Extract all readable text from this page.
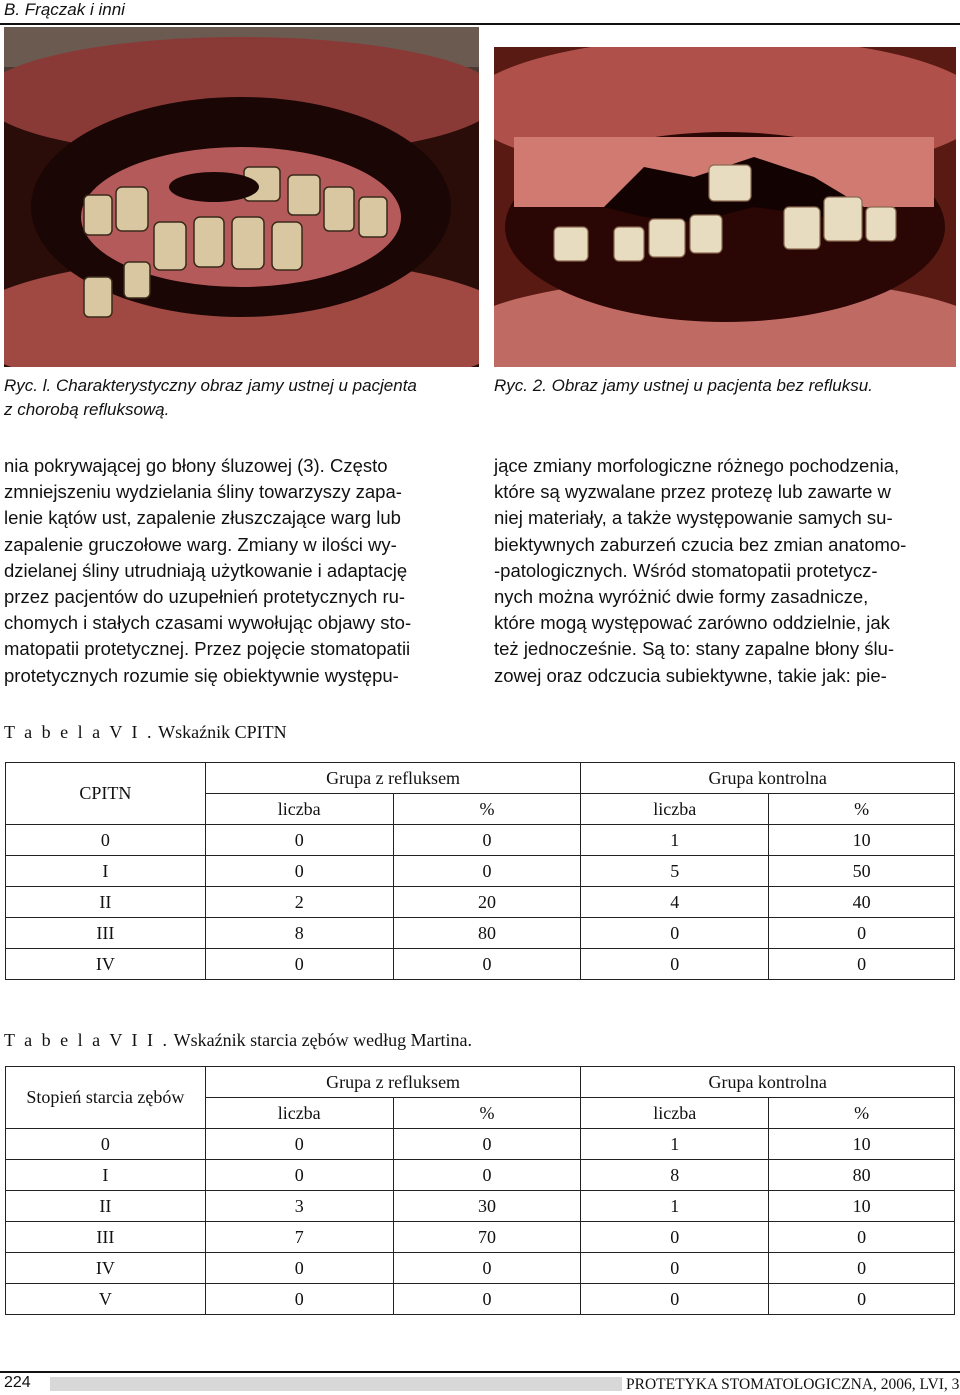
B. Frączak i inni
Ryc. l. Charakterystyczny obraz jamy ustnej u pacjenta
z chorobą refluksową.
Ryc. 2. Obraz jamy ustnej u pacjenta bez refluksu.
nia pokrywającej go błony śluzowej (3). Często
zmniejszeniu wydzielania śliny towarzyszy zapa-
lenie kątów ust, zapalenie złuszczające warg lub
zapalenie gruczołowe warg. Zmiany w ilości wy-
dzielanej śliny utrudniają użytkowanie i adaptację
przez pacjentów do uzupełnień protetycznych ru-
chomych i stałych czasami wywołując objawy sto-
matopatii protetycznej. Przez pojęcie stomatopatii
protetycznych rozumie się obiektywnie występu-
jące zmiany morfologiczne różnego pochodzenia,
które są wyzwalane przez protezę lub zawarte w
niej materiały, a także występowanie samych su-
biektywnych zaburzeń czucia bez zmian anatomo-
-patologicznych. Wśród stomatopatii protetycz-
nych można wyróżnić dwie formy zasadnicze,
które mogą występować zarówno oddzielnie, jak
też jednocześnie. Są to: stany zapalne błony ślu-
zowej oraz odczucia subiektywne, takie jak: pie-
T a b e l a V I . Wskaźnik CPITN
CPITN	Grupa z refluksem		Grupa kontrolna	
	liczba	%	liczba	%
0	0	0	1	10
I	0	0	5	50
II	2	20	4	40
III	8	80	0	0
IV	0	0	0	0
T a b e l a V I I . Wskaźnik starcia zębów według Martina.
Stopień starcia zębów	Grupa z refluksem		Grupa kontrolna	
	liczba	%	liczba	%
0	0	0	1	10
I	0	0	8	80
II	3	30	1	10
III	7	70	0	0
IV	0	0	0	0
V	0	0	0	0
224	PROTETYKA STOMATOLOGICZNA, 2006, LVI, 3
